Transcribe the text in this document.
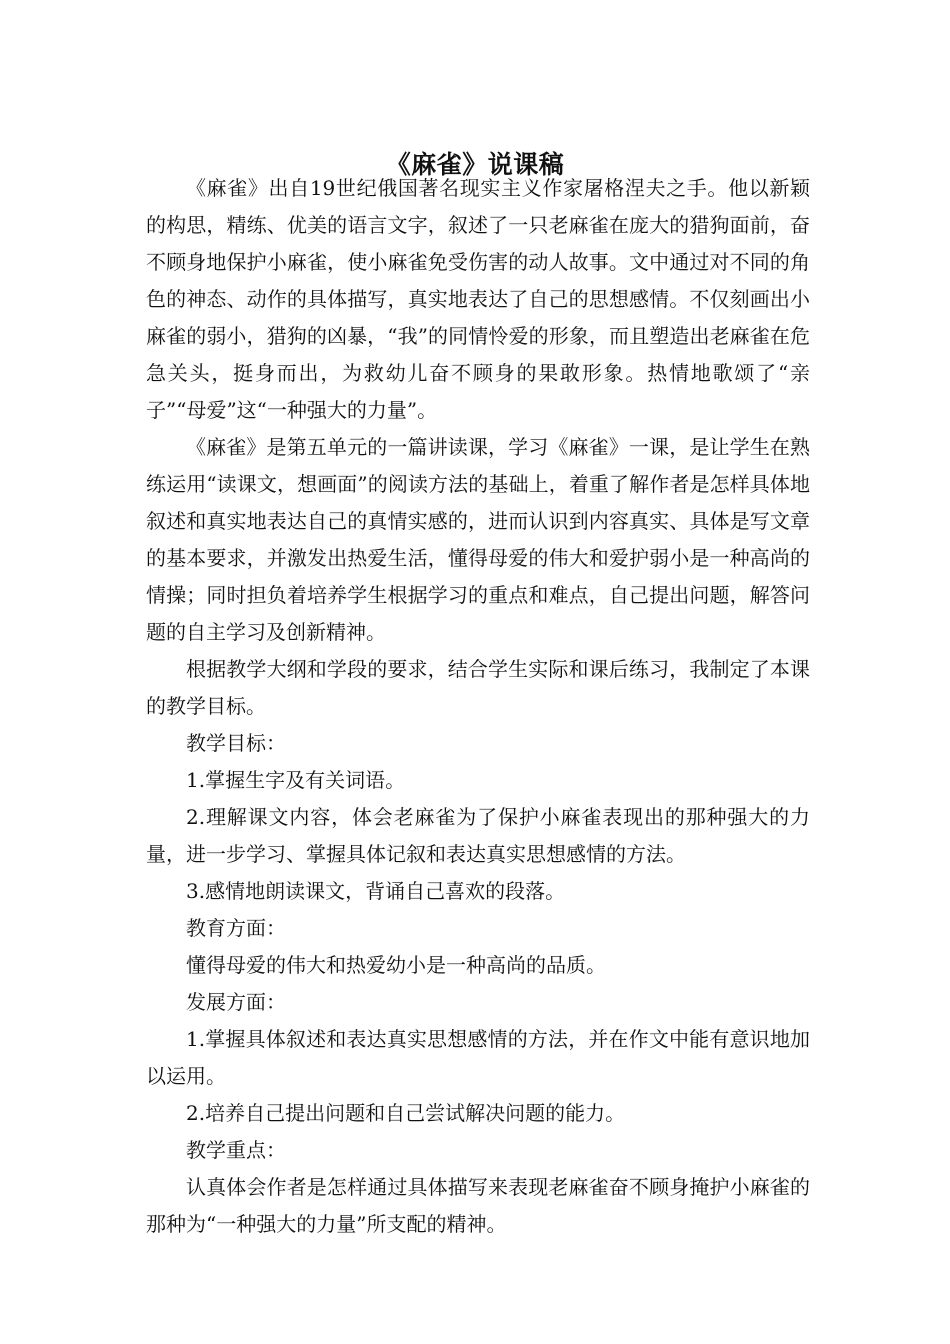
《麻雀》说课稿

《麻雀》出自19世纪俄国著名现实主义作家屠格涅夫之手。他以新颖的构思，精练、优美的语言文字，叙述了一只老麻雀在庞大的猎狗面前，奋不顾身地保护小麻雀，使小麻雀免受伤害的动人故事。文中通过对不同的角色的神态、动作的具体描写，真实地表达了自己的思想感情。不仅刻画出小麻雀的弱小，猎狗的凶暴，“我”的同情怜爱的形象，而且塑造出老麻雀在危急关头，挺身而出，为救幼儿奋不顾身的果敢形象。热情地歌颂了“亲子”“母爱”这“一种强大的力量”。

《麻雀》是第五单元的一篇讲读课，学习《麻雀》一课，是让学生在熟练运用“读课文，想画面”的阅读方法的基础上，着重了解作者是怎样具体地叙述和真实地表达自己的真情实感的，进而认识到内容真实、具体是写文章的基本要求，并激发出热爱生活，懂得母爱的伟大和爱护弱小是一种高尚的情操；同时担负着培养学生根据学习的重点和难点，自己提出问题，解答问题的自主学习及创新精神。

根据教学大纲和学段的要求，结合学生实际和课后练习，我制定了本课的教学目标。

教学目标：

1.掌握生字及有关词语。

2.理解课文内容，体会老麻雀为了保护小麻雀表现出的那种强大的力量，进一步学习、掌握具体记叙和表达真实思想感情的方法。

3.感情地朗读课文，背诵自己喜欢的段落。

教育方面：

懂得母爱的伟大和热爱幼小是一种高尚的品质。

发展方面：

1.掌握具体叙述和表达真实思想感情的方法，并在作文中能有意识地加以运用。

2.培养自己提出问题和自己尝试解决问题的能力。

教学重点：

认真体会作者是怎样通过具体描写来表现老麻雀奋不顾身掩护小麻雀的那种为“一种强大的力量”所支配的精神。
